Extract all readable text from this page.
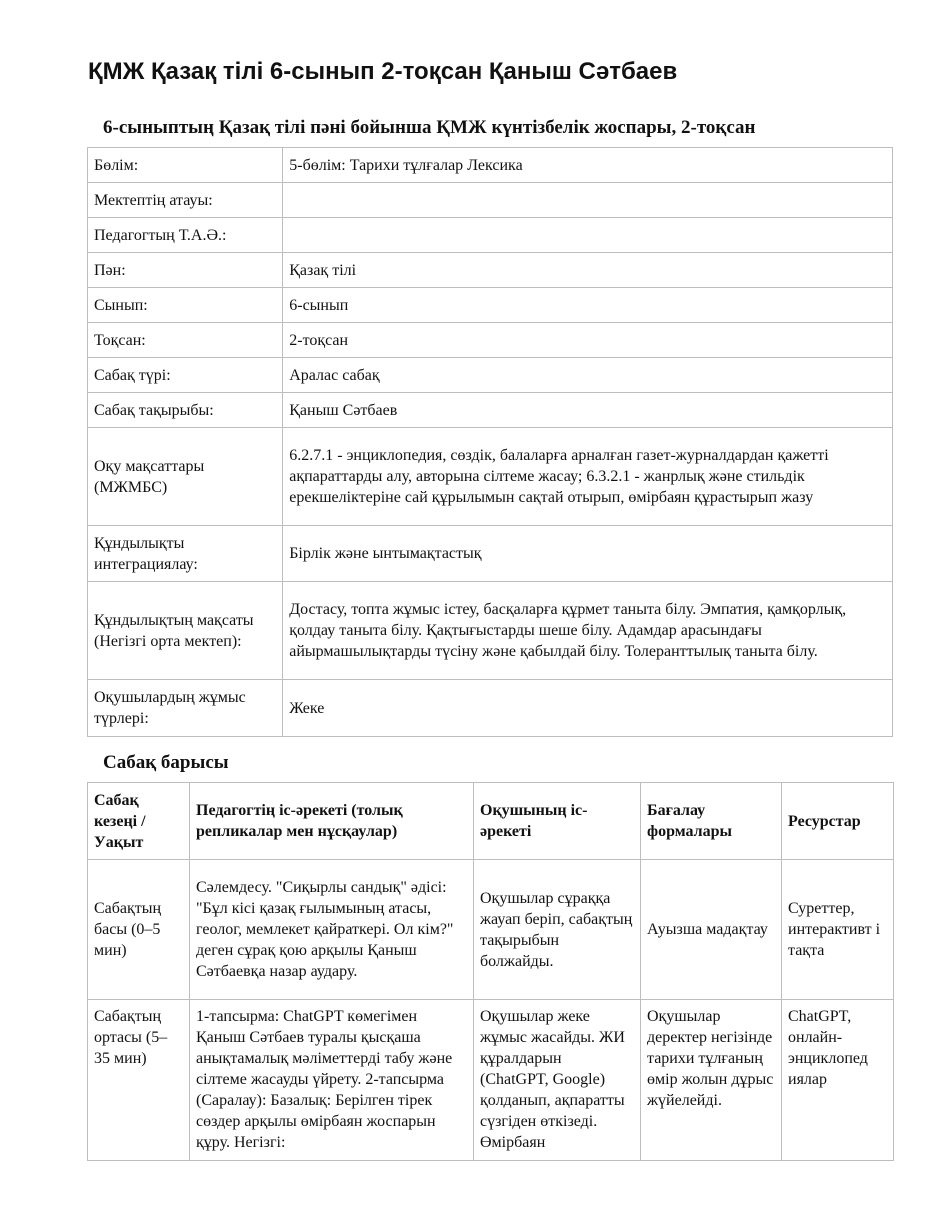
ҚМЖ Қазақ тілі 6-сынып 2-тоқсан Қаныш Сәтбаев
6-сыныптың Қазақ тілі пәні бойынша ҚМЖ күнтізбелік жоспары, 2-тоқсан
Бөлім:	5-бөлім: Тарихи тұлғалар Лексика
Мектептің атауы:	
Педагогтың Т.А.Ә.:	
Пән:	Қазақ тілі
Сынып:	6-сынып
Тоқсан:	2-тоқсан
Сабақ түрі:	Аралас сабақ
Сабақ тақырыбы:	Қаныш Сәтбаев
Оқу мақсаттары (МЖМБС)	6.2.7.1 - энциклопедия, сөздік, балаларға арналған газет-журналдардан қажетті ақпараттарды алу, авторына сілтеме жасау; 6.3.2.1 - жанрлық және стильдік ерекшеліктеріне сай құрылымын сақтай отырып, өмірбаян құрастырып жазу
Құндылықты интеграциялау:	Бірлік және ынтымақтастық
Құндылықтың мақсаты (Негізгі орта мектеп):	Достасу, топта жұмыс істеу, басқаларға құрмет таныта білу. Эмпатия, қамқорлық, қолдау таныта білу. Қақтығыстарды шеше білу. Адамдар арасындағы айырмашылықтарды түсіну және қабылдай білу. Толеранттылық таныта білу.
Оқушылардың жұмыс түрлері:	Жеке
Сабақ барысы
Сабақ кезеңі / Уақыт	Педагогтің іс-әрекеті (толық репликалар мен нұсқаулар)	Оқушының іс-әрекеті	Бағалау формалары	Ресурстар
Сабақтың басы (0–5 мин)	Сәлемдесу. "Сиқырлы сандық" әдісі: "Бұл кісі қазақ ғылымының атасы, геолог, мемлекет қайраткері. Ол кім?" деген сұрақ қою арқылы Қаныш Сәтбаевқа назар аудару.	Оқушылар сұраққа жауап беріп, сабақтың тақырыбын болжайды.	Ауызша мадақтау	Суреттер, интерактивт і тақта
Сабақтың ортасы (5–35 мин)	1-тапсырма: ChatGPT көмегімен Қаныш Сәтбаев туралы қысқаша анықтамалық мәліметтерді табу және сілтеме жасауды үйрету. 2-тапсырма (Саралау): Базалық: Берілген тірек сөздер арқылы өмірбаян жоспарын құру. Негізгі:	Оқушылар жеке жұмыс жасайды. ЖИ құралдарын (ChatGPT, Google) қолданып, ақпаратты сүзгіден өткізеді. Өмірбаян	Оқушылар деректер негізінде тарихи тұлғаның өмір жолын дұрыс жүйелейді.	ChatGPT, онлайн-энциклопед иялар
